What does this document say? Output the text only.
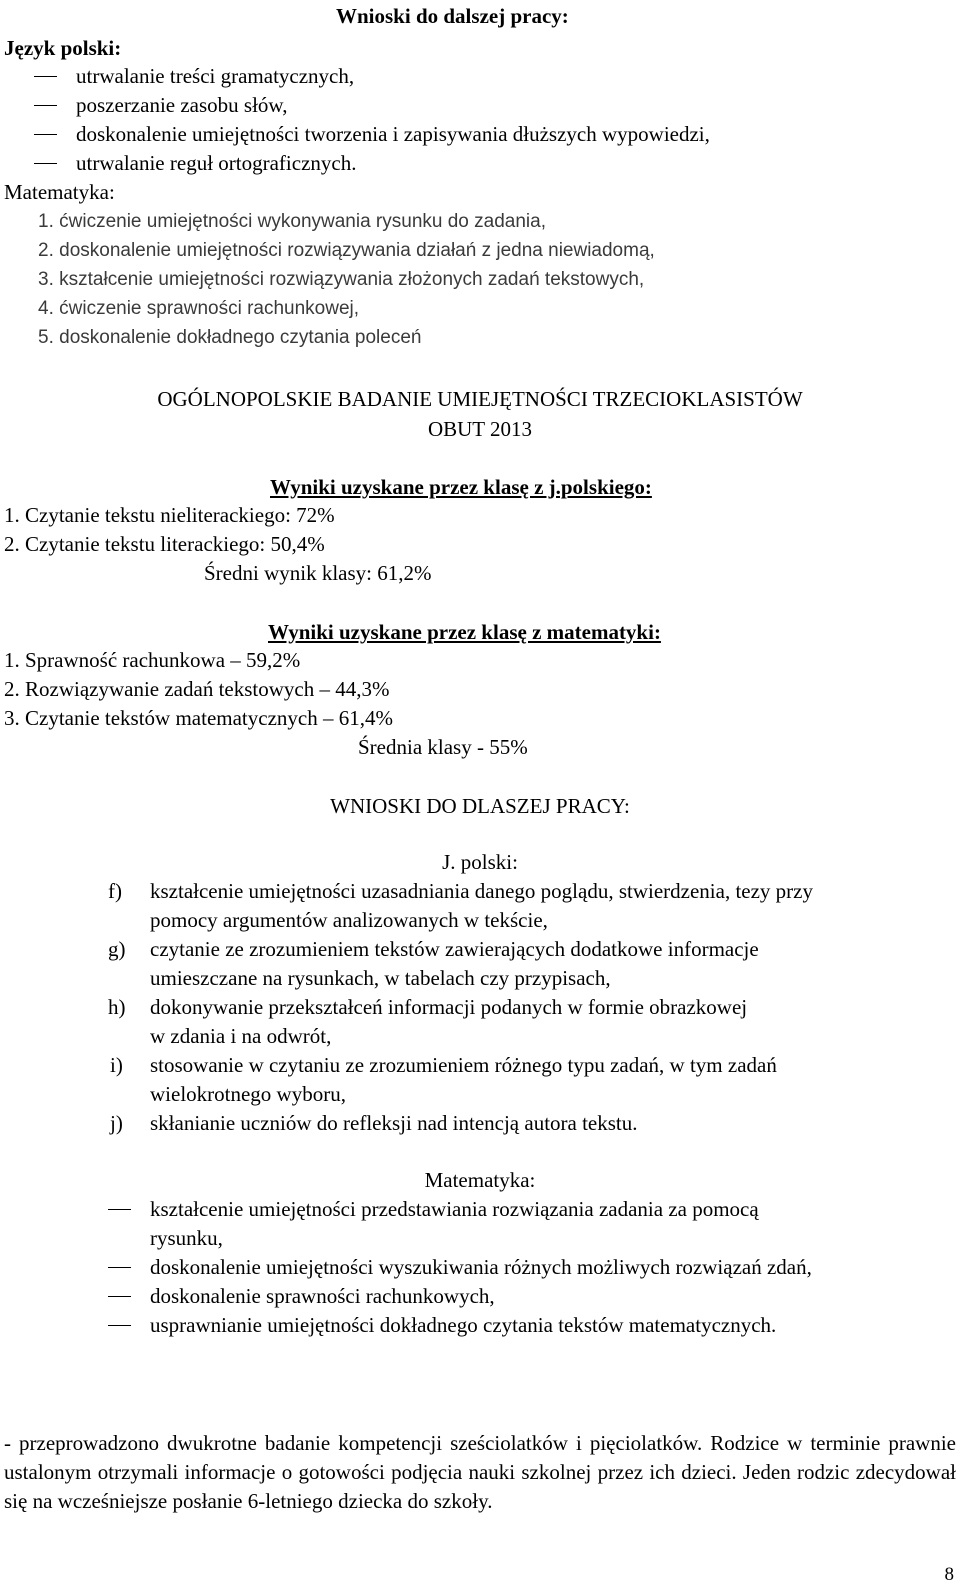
Wnioski do dalszej pracy:
Język polski:
utrwalanie treści gramatycznych,
poszerzanie zasobu słów,
doskonalenie umiejętności tworzenia i zapisywania dłuższych wypowiedzi,
utrwalanie reguł ortograficznych.
Matematyka:
1. ćwiczenie umiejętności wykonywania rysunku do zadania,
2. doskonalenie umiejętności rozwiązywania działań z jedna niewiadomą,
3. kształcenie umiejętności rozwiązywania złożonych zadań tekstowych,
4. ćwiczenie sprawności rachunkowej,
5. doskonalenie dokładnego czytania poleceń
OGÓLNOPOLSKIE BADANIE UMIEJĘTNOŚCI TRZECIOKLASISTÓW
OBUT 2013
Wyniki uzyskane przez klasę z j.polskiego:
1. Czytanie tekstu nieliterackiego: 72%
2. Czytanie tekstu literackiego: 50,4%
Średni wynik klasy: 61,2%
Wyniki uzyskane przez klasę z matematyki:
1. Sprawność rachunkowa – 59,2%
2. Rozwiązywanie zadań tekstowych – 44,3%
3. Czytanie tekstów matematycznych – 61,4%
Średnia klasy - 55%
WNIOSKI DO DLASZEJ PRACY:
J. polski:
f) kształcenie umiejętności uzasadniania danego poglądu, stwierdzenia, tezy przy
pomocy argumentów analizowanych w tekście,
g) czytanie ze zrozumieniem tekstów zawierających dodatkowe informacje
umieszczane na rysunkach, w tabelach czy przypisach,
h) dokonywanie przekształceń informacji podanych w formie obrazkowej
w zdania i na odwrót,
i) stosowanie w czytaniu ze zrozumieniem różnego typu zadań, w tym zadań
wielokrotnego wyboru,
j) skłanianie uczniów do refleksji nad intencją autora tekstu.
Matematyka:
kształcenie umiejętności przedstawiania rozwiązania zadania za pomocą
rysunku,
doskonalenie umiejętności wyszukiwania różnych możliwych rozwiązań zdań,
doskonalenie sprawności rachunkowych,
usprawnianie umiejętności dokładnego czytania tekstów matematycznych.
- przeprowadzono dwukrotne badanie kompetencji sześciolatków i pięciolatków. Rodzice w terminie prawnie ustalonym otrzymali informacje o gotowości podjęcia nauki szkolnej przez ich dzieci. Jeden rodzic zdecydował się na wcześniejsze posłanie 6-letniego dziecka do szkoły.
8
